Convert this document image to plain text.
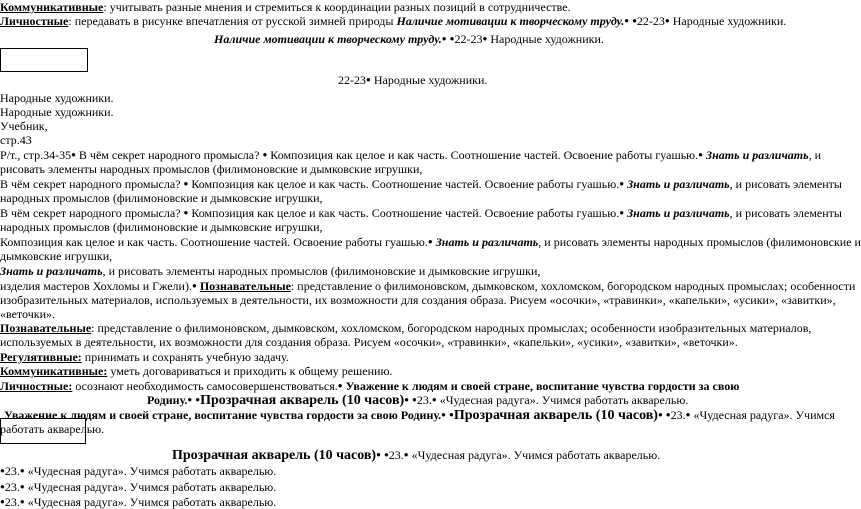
Коммуникативные: учитывать разные мнения и стремиться к координации разных позиций в сотрудничестве.
Личностные: передавать в рисунке впечатления от русской зимней природы Наличие мотивации к творческому труду. ● ● 22-23 ● Народные художники.
Наличие мотивации к творческому труду. ● ● 22-23 ● Народные художники.
22-23 ● Народные художники.
Народные художники.
Народные художники.
Учебник,
стр.43
Р/т., стр.34-35 ● В чём секрет народного промысла? ● Композиция как целое и как часть. Соотношение частей. Освоение работы гуашью. ● Знать и различать, и
рисовать элементы народных промыслов (филимоновские и дымковские игрушки,
В чём секрет народного промысла? ● Композиция как целое и как часть. Соотношение частей. Освоение работы гуашью. ● Знать и различать, и рисовать элементы
народных промыслов (филимоновские и дымковские игрушки,
В чём секрет народного промысла? ● Композиция как целое и как часть. Соотношение частей. Освоение работы гуашью. ● Знать и различать, и рисовать элементы
народных промыслов (филимоновские и дымковские игрушки,
Композиция как целое и как часть. Соотношение частей. Освоение работы гуашью. ● Знать и различать, и рисовать элементы народных промыслов (филимоновские и
дымковские игрушки,
Знать и различать, и рисовать элементы народных промыслов (филимоновские и дымковские игрушки,
изделия мастеров Хохломы и Гжели). ● Познавательные: представление о филимоновском, дымковском, хохломском, богородском народных промыслах; особенности
изобразительных материалов, используемых в деятельности, их возможности для создания образа. Рисуем «осочки», «травинки», «капельки», «усики», «завитки»,
«веточки».
Познавательные: представление о филимоновском, дымковском, хохломском, богородском народных промыслах; особенности изобразительных материалов,
используемых в деятельности, их возможности для создания образа. Рисуем «осочки», «травинки», «капельки», «усики», «завитки», «веточки».
Регулятивные: принимать и сохранять учебную задачу.
Коммуникативные: уметь договариваться и приходить к общему решению.
Личностные: осознают необходимость самосовершенствоваться. ● Уважение к людям и своей стране, воспитание чувства гордости за свою
Родину. ● ● Прозрачная акварель (10 часов) ● ● 23. ● «Чудесная радуга». Учимся работать акварелью.
Уважение к людям и своей стране, воспитание чувства гордости за свою Родину. ● ● Прозрачная акварель (10 часов) ● ● 23. ● «Чудесная радуга». Учимся
работать акварелью.
Прозрачная акварель (10 часов) ● ● 23. ● «Чудесная радуга». Учимся работать акварелью.
● 23. ● «Чудесная радуга». Учимся работать акварелью.
● 23. ● «Чудесная радуга». Учимся работать акварелью.
● 23. ● «Чудесная радуга». Учимся работать акварелью.
